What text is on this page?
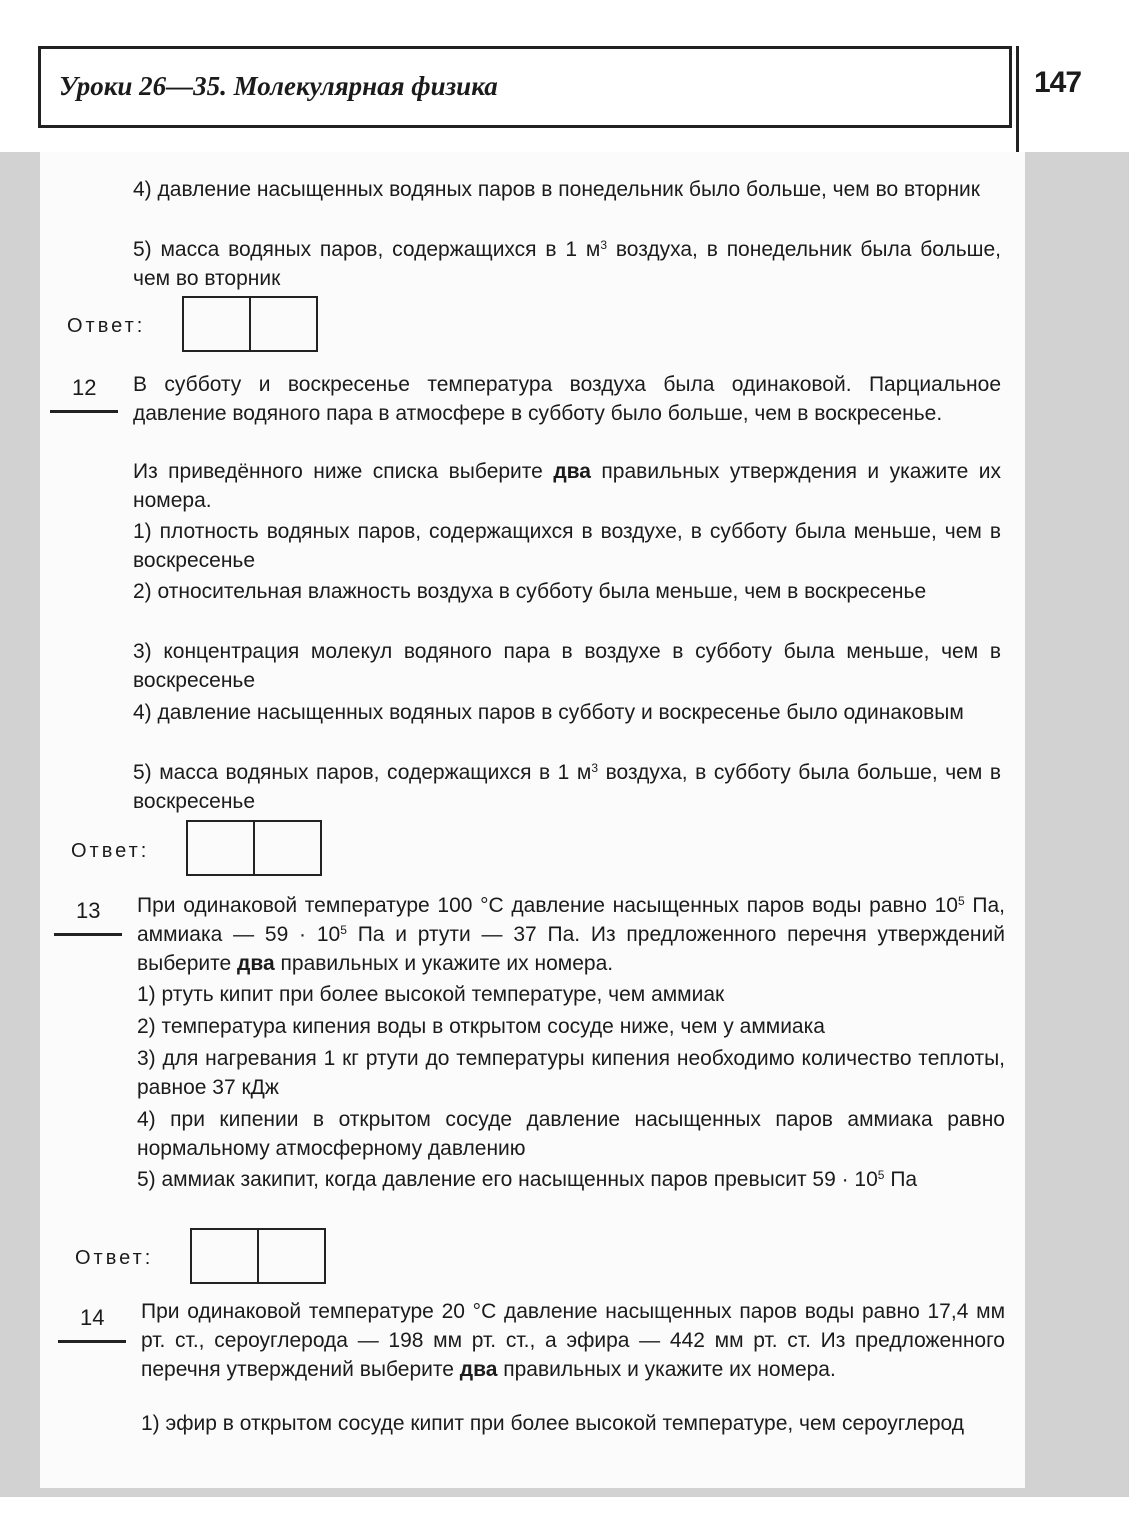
Уроки 26—35. Молекулярная физика	147
4) давление насыщенных водяных паров в понедельник было больше, чем во вторник
5) масса водяных паров, содержащихся в 1 $м^3$ воздуха, в понедельник была больше, чем во вторник
Ответ:
12 В субботу и воскресенье температура воздуха была одинаковой. Парциальное давление водяного пара в атмосфере в субботу было больше, чем в воскресенье.
Из приведённого ниже списка выберите два правильных утверждения и укажите их номера.
1) плотность водяных паров, содержащихся в воздухе, в субботу была меньше, чем в воскресенье
2) относительная влажность воздуха в субботу была меньше, чем в воскресенье
3) концентрация молекул водяного пара в воздухе в субботу была меньше, чем в воскресенье
4) давление насыщенных водяных паров в субботу и воскресенье было одинаковым
5) масса водяных паров, содержащихся в 1 $м^3$ воздуха, в субботу была больше, чем в воскресенье
Ответ:
13 При одинаковой температуре 100 °С давление насыщенных паров воды равно $10^5$ Па, аммиака — $59 \cdot 10^5$ Па и ртути — 37 Па. Из предложенного перечня утверждений выберите два правильных и укажите их номера.
1) ртуть кипит при более высокой температуре, чем аммиак
2) температура кипения воды в открытом сосуде ниже, чем у аммиака
3) для нагревания 1 кг ртути до температуры кипения необходимо количество теплоты, равное 37 кДж
4) при кипении в открытом сосуде давление насыщенных паров аммиака равно нормальному атмосферному давлению
5) аммиак закипит, когда давление его насыщенных паров превысит $59 \cdot 10^5$ Па
Ответ:
14 При одинаковой температуре 20 °С давление насыщенных паров воды равно 17,4 мм рт. ст., сероуглерода — 198 мм рт. ст., а эфира — 442 мм рт. ст. Из предложенного перечня утверждений выберите два правильных и укажите их номера.
1) эфир в открытом сосуде кипит при более высокой температуре, чем сероуглерод
